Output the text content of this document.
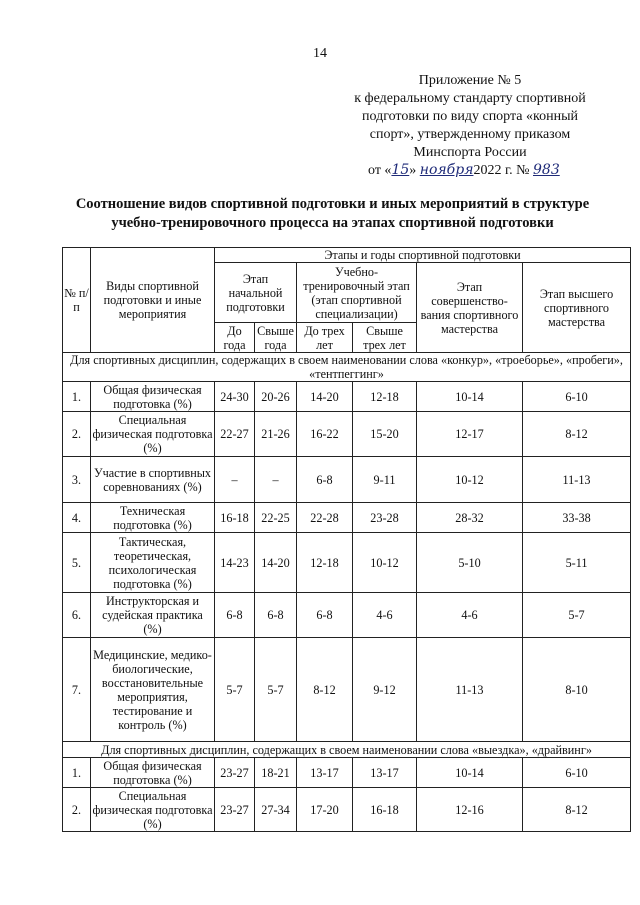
14
Приложение № 5
к федеральному стандарту спортивной
подготовки по виду спорта «конный
спорт», утвержденному приказом
Минспорта России
от «15» ноября2022 г. № 983
Соотношение видов спортивной подготовки и иных мероприятий в структуре
учебно-тренировочного процесса на этапах спортивной подготовки
№ п/п	Виды спортивной подготовки и иные мероприятия	Этапы и годы спортивной подготовки					
		Этап начальной подготовки		Учебно-тренировочный этап (этап спортивной специализации)		Этап совершенство-вания спортивного мастерства	Этап высшего спортивного мастерства
		До года	Свыше года	До трех лет	Свыше трех лет		
Для спортивных дисциплин, содержащих в своем наименовании слова «конкур», «троеборье», «пробеги», «тентпеггинг»							
1.	Общая физическая подготовка (%)	24-30	20-26	14-20	12-18	10-14	6-10
2.	Специальная физическая подготовка (%)	22-27	21-26	16-22	15-20	12-17	8-12
3.	Участие в спортивных соревнованиях (%)	–	–	6-8	9-11	10-12	11-13
4.	Техническая подготовка (%)	16-18	22-25	22-28	23-28	28-32	33-38
5.	Тактическая, теоретическая, психологическая подготовка (%)	14-23	14-20	12-18	10-12	5-10	5-11
6.	Инструкторская и судейская практика (%)	6-8	6-8	6-8	4-6	4-6	5-7
7.	Медицинские, медико-биологические, восстановительные мероприятия, тестирование и контроль (%)	5-7	5-7	8-12	9-12	11-13	8-10
Для спортивных дисциплин, содержащих в своем наименовании слова «выездка», «драйвинг»							
1.	Общая физическая подготовка (%)	23-27	18-21	13-17	13-17	10-14	6-10
2.	Специальная физическая подготовка (%)	23-27	27-34	17-20	16-18	12-16	8-12
